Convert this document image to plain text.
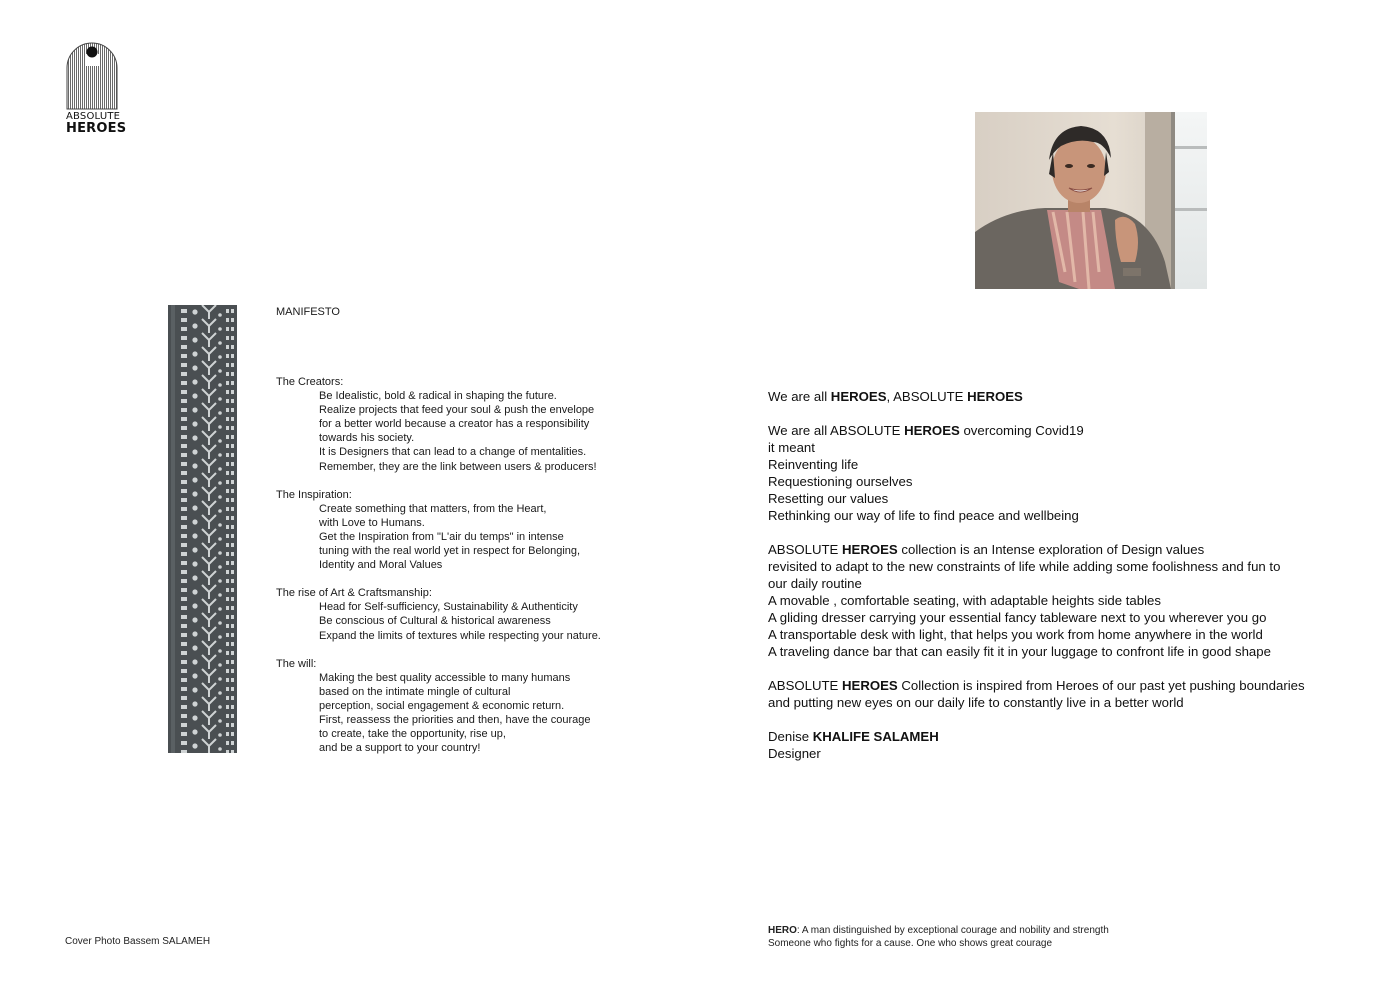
ABSOLUTE
HEROES

MANIFESTO

The Creators:

Be Idealistic, bold & radical in shaping the future.

Realize projects that feed your soul & push the envelope

for a better world because a creator has a responsibility

towards his society.

It is Designers that can lead to a change of mentalities.

Remember, they are the link between users & producers!

The Inspiration:

Create something that matters, from the Heart,

with Love to Humans.

Get the Inspiration from "L'air du temps" in intense

tuning with the real world yet in respect for Belonging,

Identity and Moral Values

The rise of Art & Craftsmanship:

Head for Self-sufficiency, Sustainability & Authenticity

Be conscious of Cultural & historical awareness

Expand the limits of textures while respecting your nature.

The will:

Making the best quality accessible to many humans

based on the intimate mingle of cultural

perception, social engagement & economic return.

First, reassess the priorities and then, have the courage

to create, take the opportunity, rise up,

and be a support to your country!

We are all HEROES, ABSOLUTE HEROES

We are all ABSOLUTE HEROES overcoming Covid19

it meant

Reinventing life

Requestioning ourselves

Resetting our values

Rethinking our way of life to find peace and wellbeing

ABSOLUTE HEROES collection is an Intense exploration of Design values

revisited to adapt to the new constraints of life while adding some foolishness and fun to

our daily routine

A movable , comfortable seating, with adaptable heights side tables

A gliding dresser carrying your essential fancy tableware next to you wherever you go

A transportable desk with light, that helps you work from home anywhere in the world

A traveling dance bar that can easily fit it in your luggage to confront life in good shape

ABSOLUTE HEROES Collection is inspired from Heroes of our past yet pushing boundaries

and putting new eyes on our daily life to constantly live in a better world

Denise KHALIFE SALAMEH

Designer

Cover Photo Bassem SALAMEH

HERO: A man distinguished by exceptional courage and nobility and strength

Someone who fights for a cause. One who shows great courage
